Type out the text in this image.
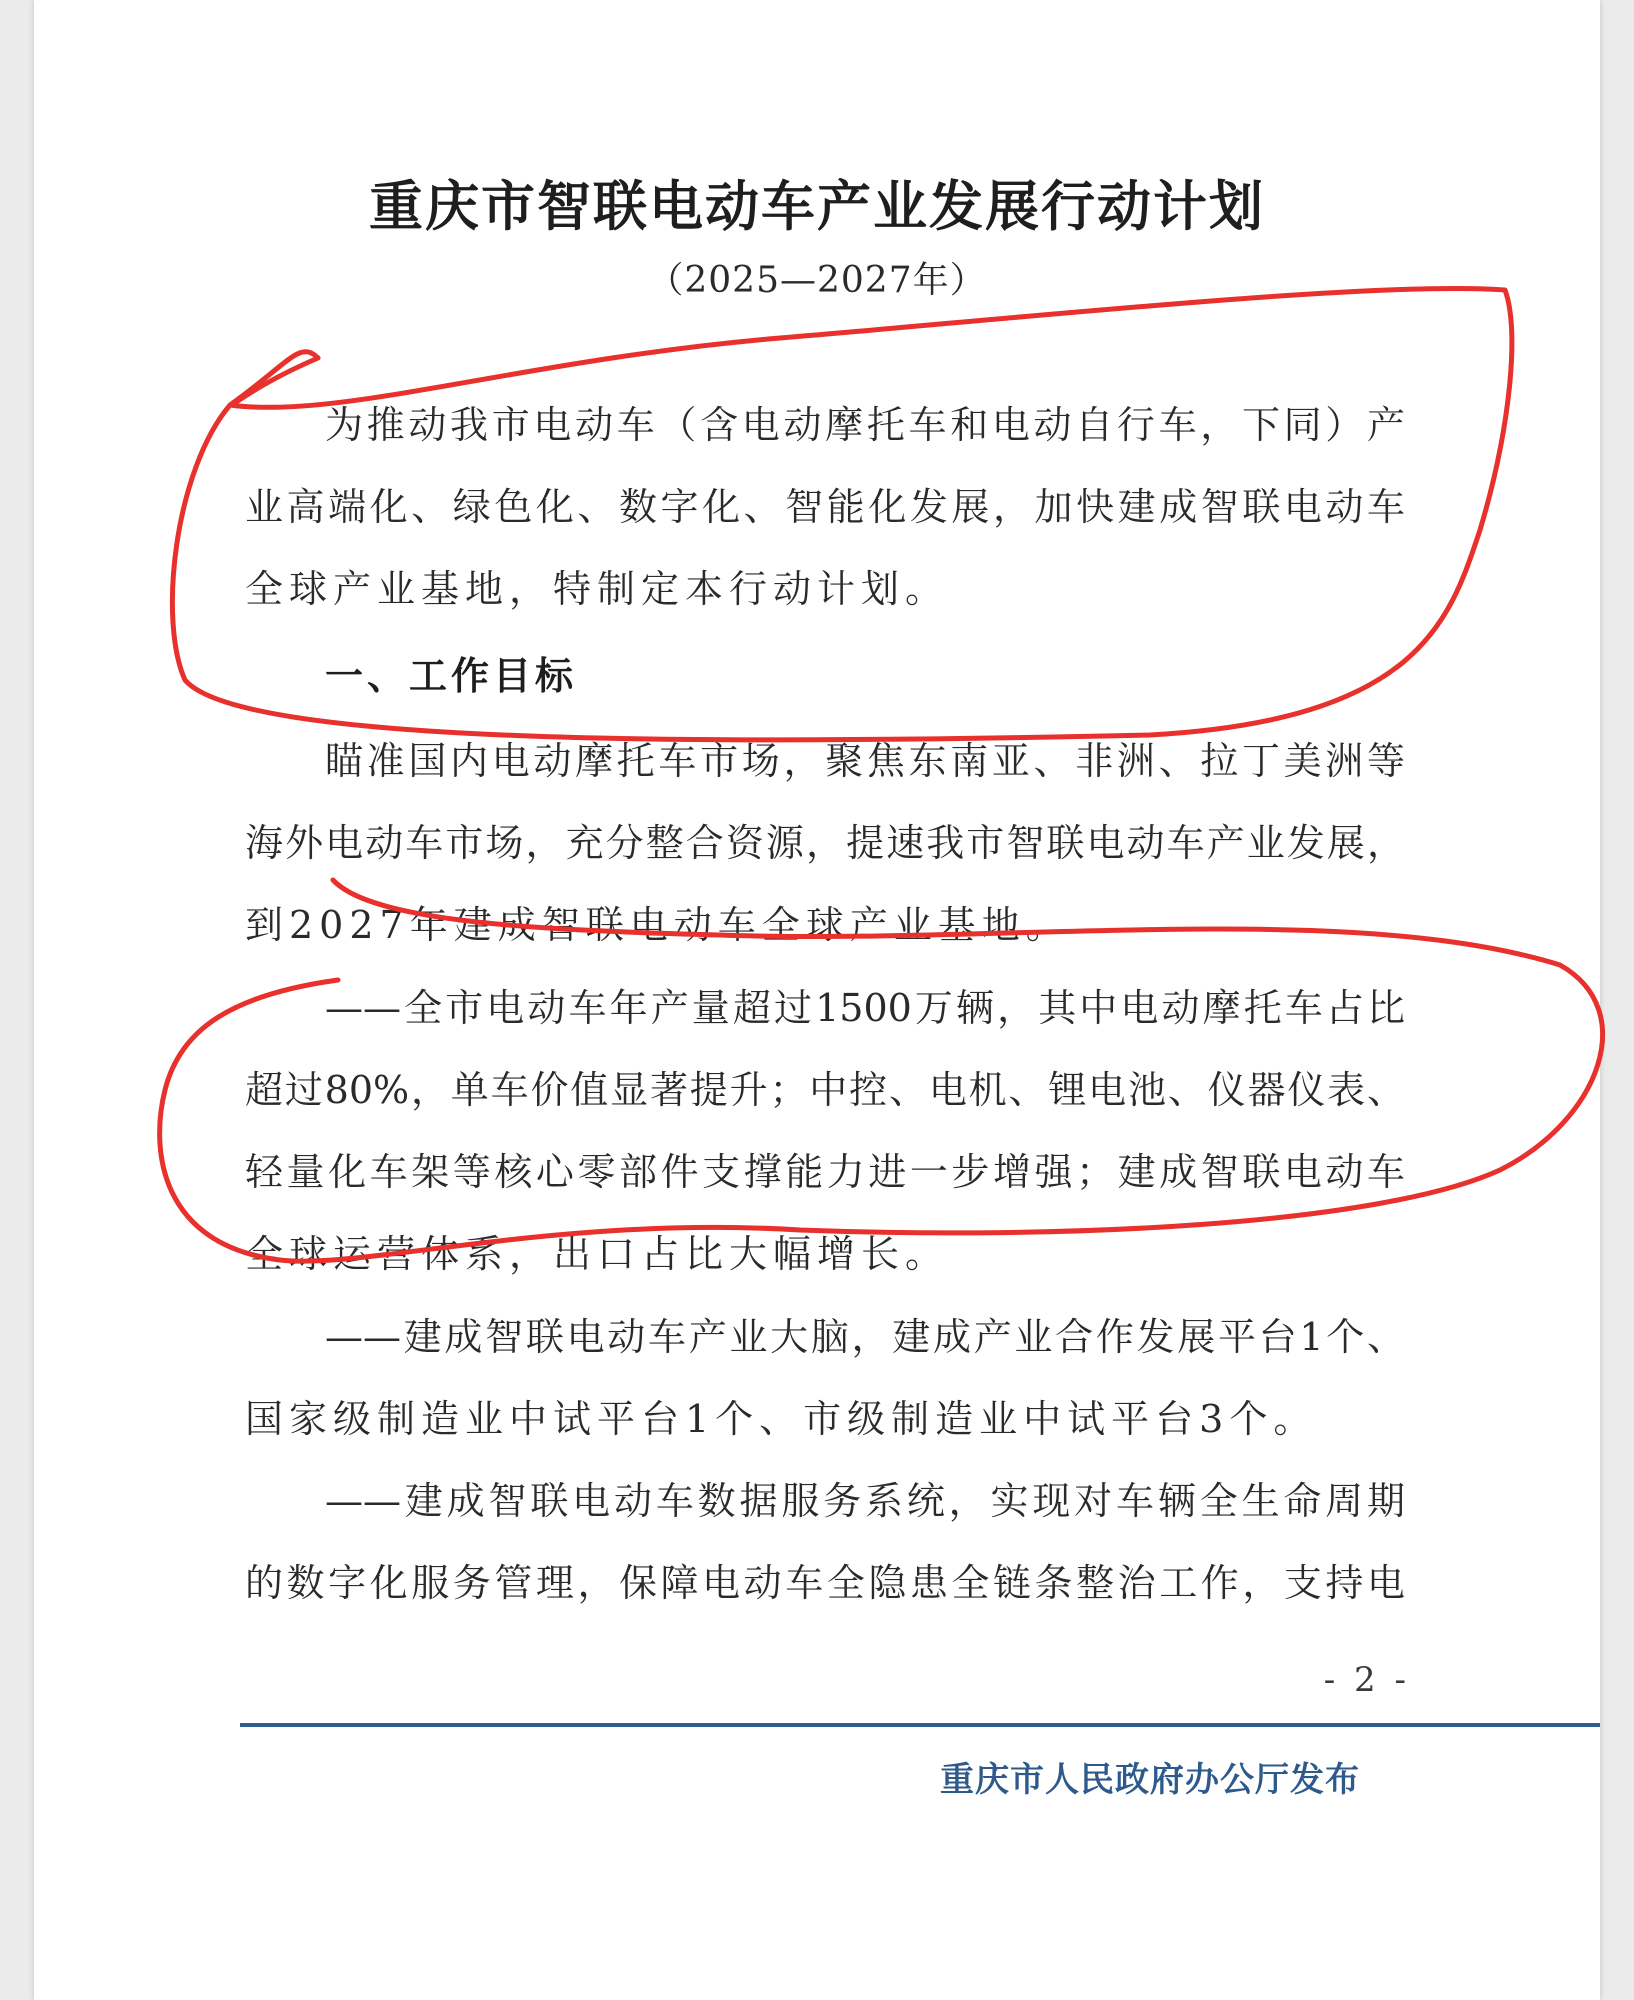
重庆市智联电动车产业发展行动计划
（2025—2027年）
为推动我市电动车（含电动摩托车和电动自行车，下同）产
业高端化、绿色化、数字化、智能化发展，加快建成智联电动车
全球产业基地，特制定本行动计划。
一、工作目标
瞄准国内电动摩托车市场，聚焦东南亚、非洲、拉丁美洲等
海外电动车市场，充分整合资源，提速我市智联电动车产业发展，
到2027年建成智联电动车全球产业基地。
——全市电动车年产量超过1500万辆，其中电动摩托车占比
超过80%，单车价值显著提升；中控、电机、锂电池、仪器仪表、
轻量化车架等核心零部件支撑能力进一步增强；建成智联电动车
全球运营体系，出口占比大幅增长。
——建成智联电动车产业大脑，建成产业合作发展平台1个、
国家级制造业中试平台1个、市级制造业中试平台3个。
——建成智联电动车数据服务系统，实现对车辆全生命周期
的数字化服务管理，保障电动车全隐患全链条整治工作，支持电
- 2 -
重庆市人民政府办公厅发布
